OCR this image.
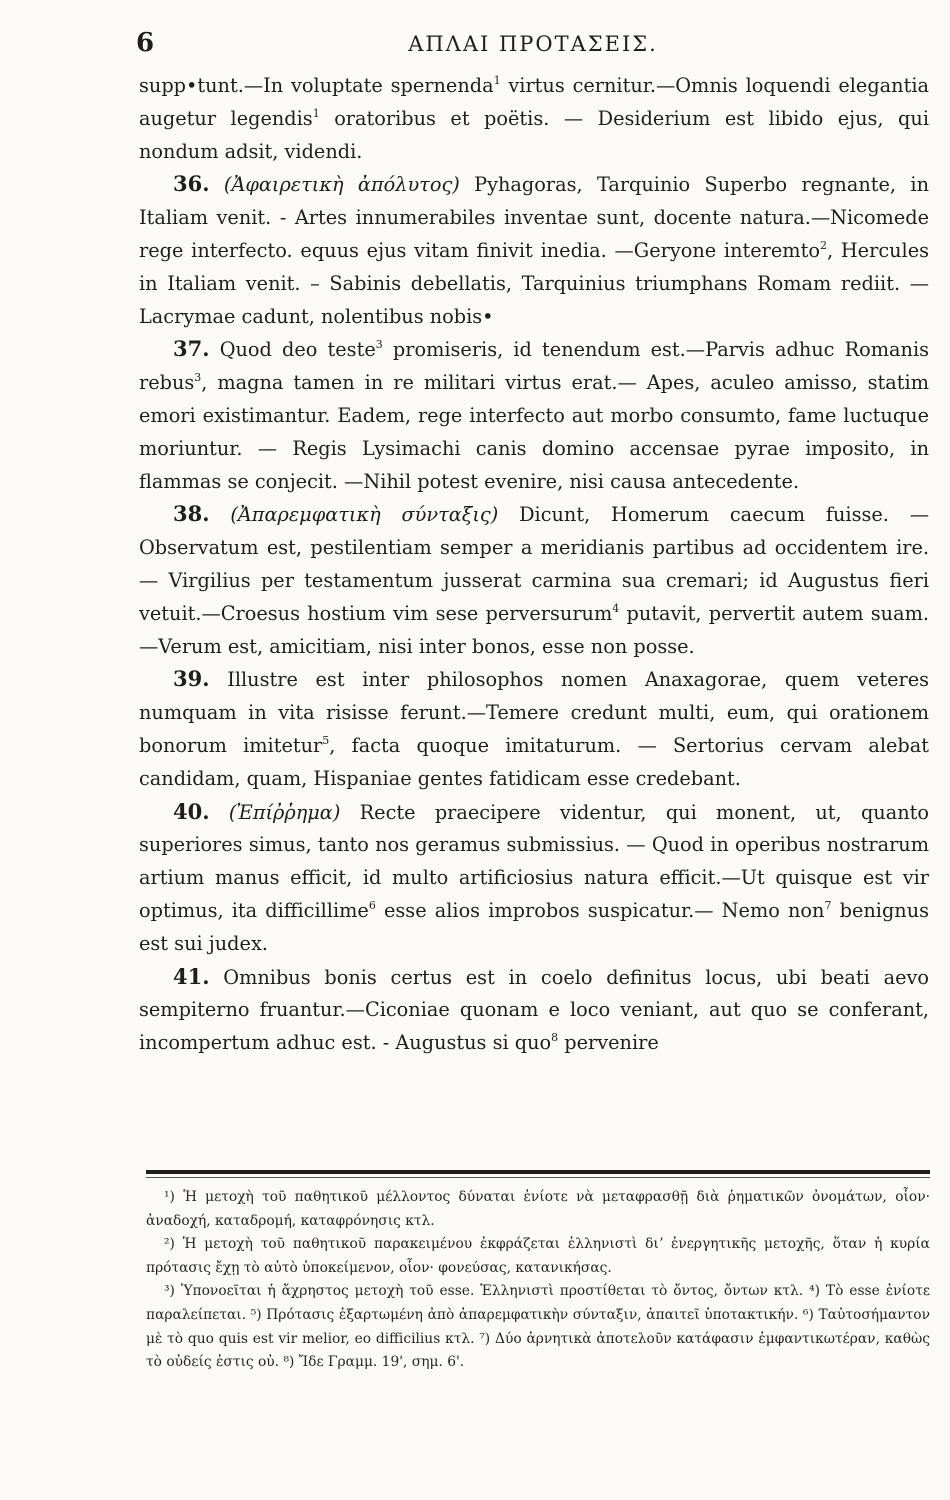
6	ΑΠΛΑΙ ΠΡΟΤΑΣΕΙΣ.

supp•tunt.—In voluptate spernenda$^1$ virtus cernitur.—Omnis loquendi elegantia augetur legendis$^1$ oratoribus et poëtis. — Desiderium est libido ejus, qui nondum adsit, videndi.

36. (Ἀφαιρετικὴ ἀπόλυτος) Pyhagoras, Tarquinio Superbo regnante, in Italiam venit. - Artes innumerabiles inventae sunt, docente natura.—Nicomede rege interfecto. equus ejus vitam finivit inedia. —Geryone interemto$^2$, Hercules in Italiam venit. – Sabinis debellatis, Tarquinius triumphans Romam rediit. — Lacrymae cadunt, nolentibus nobis•

37. Quod deo teste$^3$ promiseris, id tenendum est.—Parvis adhuc Romanis rebus$^3$, magna tamen in re militari virtus erat.— Apes, aculeo amisso, statim emori existimantur. Eadem, rege interfecto aut morbo consumto, fame luctuque moriuntur. — Regis Lysimachi canis domino accensae pyrae imposito, in flammas se conjecit. —Nihil potest evenire, nisi causa antecedente.

38. (Ἀπαρεμφατικὴ σύνταξις) Dicunt, Homerum caecum fuisse. —Observatum est, pestilentiam semper a meridianis partibus ad occidentem ire. — Virgilius per testamentum jusserat carmina sua cremari; id Augustus fieri vetuit.—Croesus hostium vim sese perversurum$^4$ putavit, pervertit autem suam.—Verum est, amicitiam, nisi inter bonos, esse non posse.

39. Illustre est inter philosophos nomen Anaxagorae, quem veteres numquam in vita risisse ferunt.—Temere credunt multi, eum, qui orationem bonorum imitetur$^5$, facta quoque imitaturum. — Sertorius cervam alebat candidam, quam, Hispaniae gentes fatidicam esse credebant.

40. (Ἐπίῤῥημα) Recte praecipere videntur, qui monent, ut, quanto superiores simus, tanto nos geramus submissius. — Quod in operibus nostrarum artium manus efficit, id multo artificiosius natura efficit.—Ut quisque est vir optimus, ita difficillime$^6$ esse alios improbos suspicatur.— Nemo non$^7$ benignus est sui judex.

41. Omnibus bonis certus est in coelo definitus locus, ubi beati aevo sempiterno fruantur.—Ciconiae quonam e loco veniant, aut quo se conferant, incompertum adhuc est. - Augustus si quo$^8$ pervenire

¹) Ἡ μετοχὴ τοῦ παθητικοῦ μέλλοντος δύναται ἐνίοτε νὰ μεταφρασθῇ διὰ ῥηματικῶν ὀνομάτων, οἷον· ἀναδοχή, καταδρομή, καταφρόνησις κτλ.

²) Ἡ μετοχὴ τοῦ παθητικοῦ παρακειμένου ἐκφράζεται ἑλληνιστὶ διʼ ἐνεργητικῆς μετοχῆς, ὅταν ἡ κυρία πρότασις ἔχῃ τὸ αὐτὸ ὑποκείμενον, οἷον· φονεύσας, κατανικήσας.

³) Ὑπονοεῖται ἡ ἄχρηστος μετοχὴ τοῦ esse. Ἑλληνιστὶ προστίθεται τὸ ὄντος, ὄντων κτλ. ⁴) Τὸ esse ἐνίοτε παραλείπεται. ⁵) Πρότασις ἐξαρτωμένη ἀπὸ ἀπαρεμφατικὴν σύνταξιν, ἀπαιτεῖ ὑποτακτικήν. ⁶) Ταὐτοσήμαντον μὲ τὸ quo quis est vir melior, eo difficilius κτλ. ⁷) Δύο ἀρνητικὰ ἀποτελοῦν κατάφασιν ἐμφαντικωτέραν, καθὼς τὸ οὐδείς ἐστις οὐ. ⁸) Ἴδε Γραμμ. 19', σημ. 6'.
